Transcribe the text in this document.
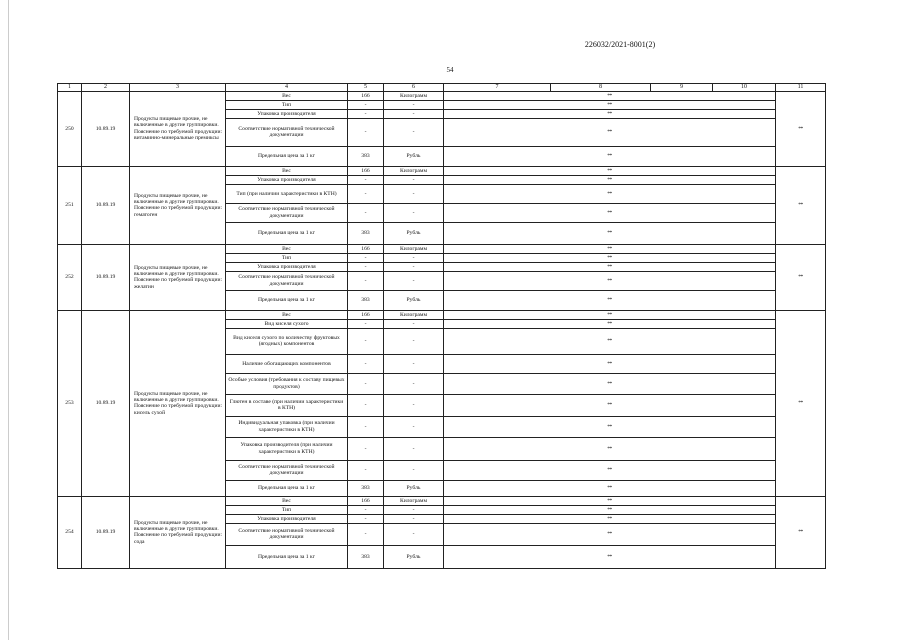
226032/2021-8001(2)
54
1	2	3	4	5	6	7	8	9	10	11
250	10.89.19	Продукты пищевые прочие, не включенные в другие группировки. Пояснение по требуемой продукции: витаминно-минеральные премиксы	Вес	166	Килограмм	**				**
			Тип	-	-	**				
			Упаковка производителя	-	-	**				
			Соответствие нормативной технической документации	-	-	**				
			Предельная цена за 1 кг	383	Рубль	**				
251	10.89.19	Продукты пищевые прочие, не включенные в другие группировки. Пояснение по требуемой продукции: гематоген	Вес	166	Килограмм	**				**
			Упаковка производителя	-	-	**				
			Тип (при наличии характеристики в КТН)	-	-	**				
			Соответствие нормативной технической документации	-	-	**				
			Предельная цена за 1 кг	383	Рубль	**				
252	10.89.19	Продукты пищевые прочие, не включенные в другие группировки. Пояснение по требуемой продукции: желатин	Вес	166	Килограмм	**				**
			Тип	-	-	**				
			Упаковка производителя	-	-	**				
			Соответствие нормативной технической документации	-	-	**				
			Предельная цена за 1 кг	383	Рубль	**				
253	10.89.19	Продукты пищевые прочие, не включенные в другие группировки. Пояснение по требуемой продукции: кисель сухой	Вес	166	Килограмм	**				**
			Вид киселя сухого	-	-	**				
			Вид киселя сухого по количеству фруктовых (ягодных) компонентов	-	-	**				
			Наличие обогащающих компонентов	-	-	**				
			Особые условия (требования к составу пищевых продуктов)	-	-	**				
			Глютен в составе (при наличии характеристики в КТН)	-	-	**				
			Индивидуальная упаковка (при наличии характеристики в КТН)	-	-	**				
			Упаковка производителя (при наличии характеристики в КТН)	-	-	**				
			Соответствие нормативной технической документации	-	-	**				
			Предельная цена за 1 кг	383	Рубль	**				
254	10.89.19	Продукты пищевые прочие, не включенные в другие группировки. Пояснение по требуемой продукции: сода	Вес	166	Килограмм	**				**
			Тип	-	-	**				
			Упаковка производителя	-	-	**				
			Соответствие нормативной технической документации	-	-	**				
			Предельная цена за 1 кг	383	Рубль	**				
